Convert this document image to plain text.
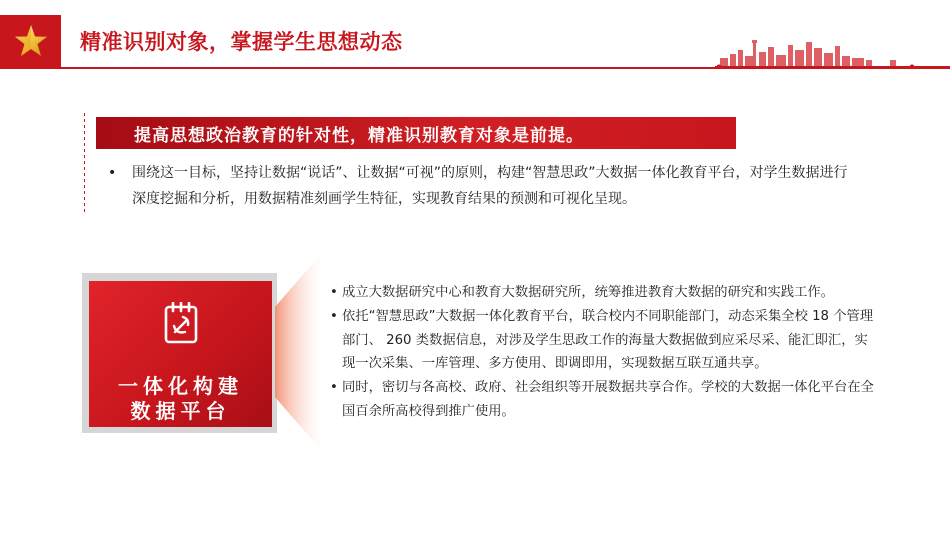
精准识别对象，掌握学生思想动态
提高思想政治教育的针对性，精准识别教育对象是前提。
•	围绕这一目标，坚持让数据“说话”、让数据“可视”的原则，构建“智慧思政”大数据一体化教育平台，对学生数据进行深度挖掘和分析，用数据精准刻画学生特征，实现教育结果的预测和可视化呈现。
一体化构建
数据平台
• 成立大数据研究中心和教育大数据研究所，统筹推进教育大数据的研究和实践工作。
• 依托“智慧思政”大数据一体化教育平台，联合校内不同职能部门，动态采集全校 18 个管理部门、 260 类数据信息，对涉及学生思政工作的海量大数据做到应采尽采、能汇即汇，实现一次采集、一库管理、多方使用、即调即用，实现数据互联互通共享。
• 同时，密切与各高校、政府、社会组织等开展数据共享合作。学校的大数据一体化平台在全国百余所高校得到推广使用。
